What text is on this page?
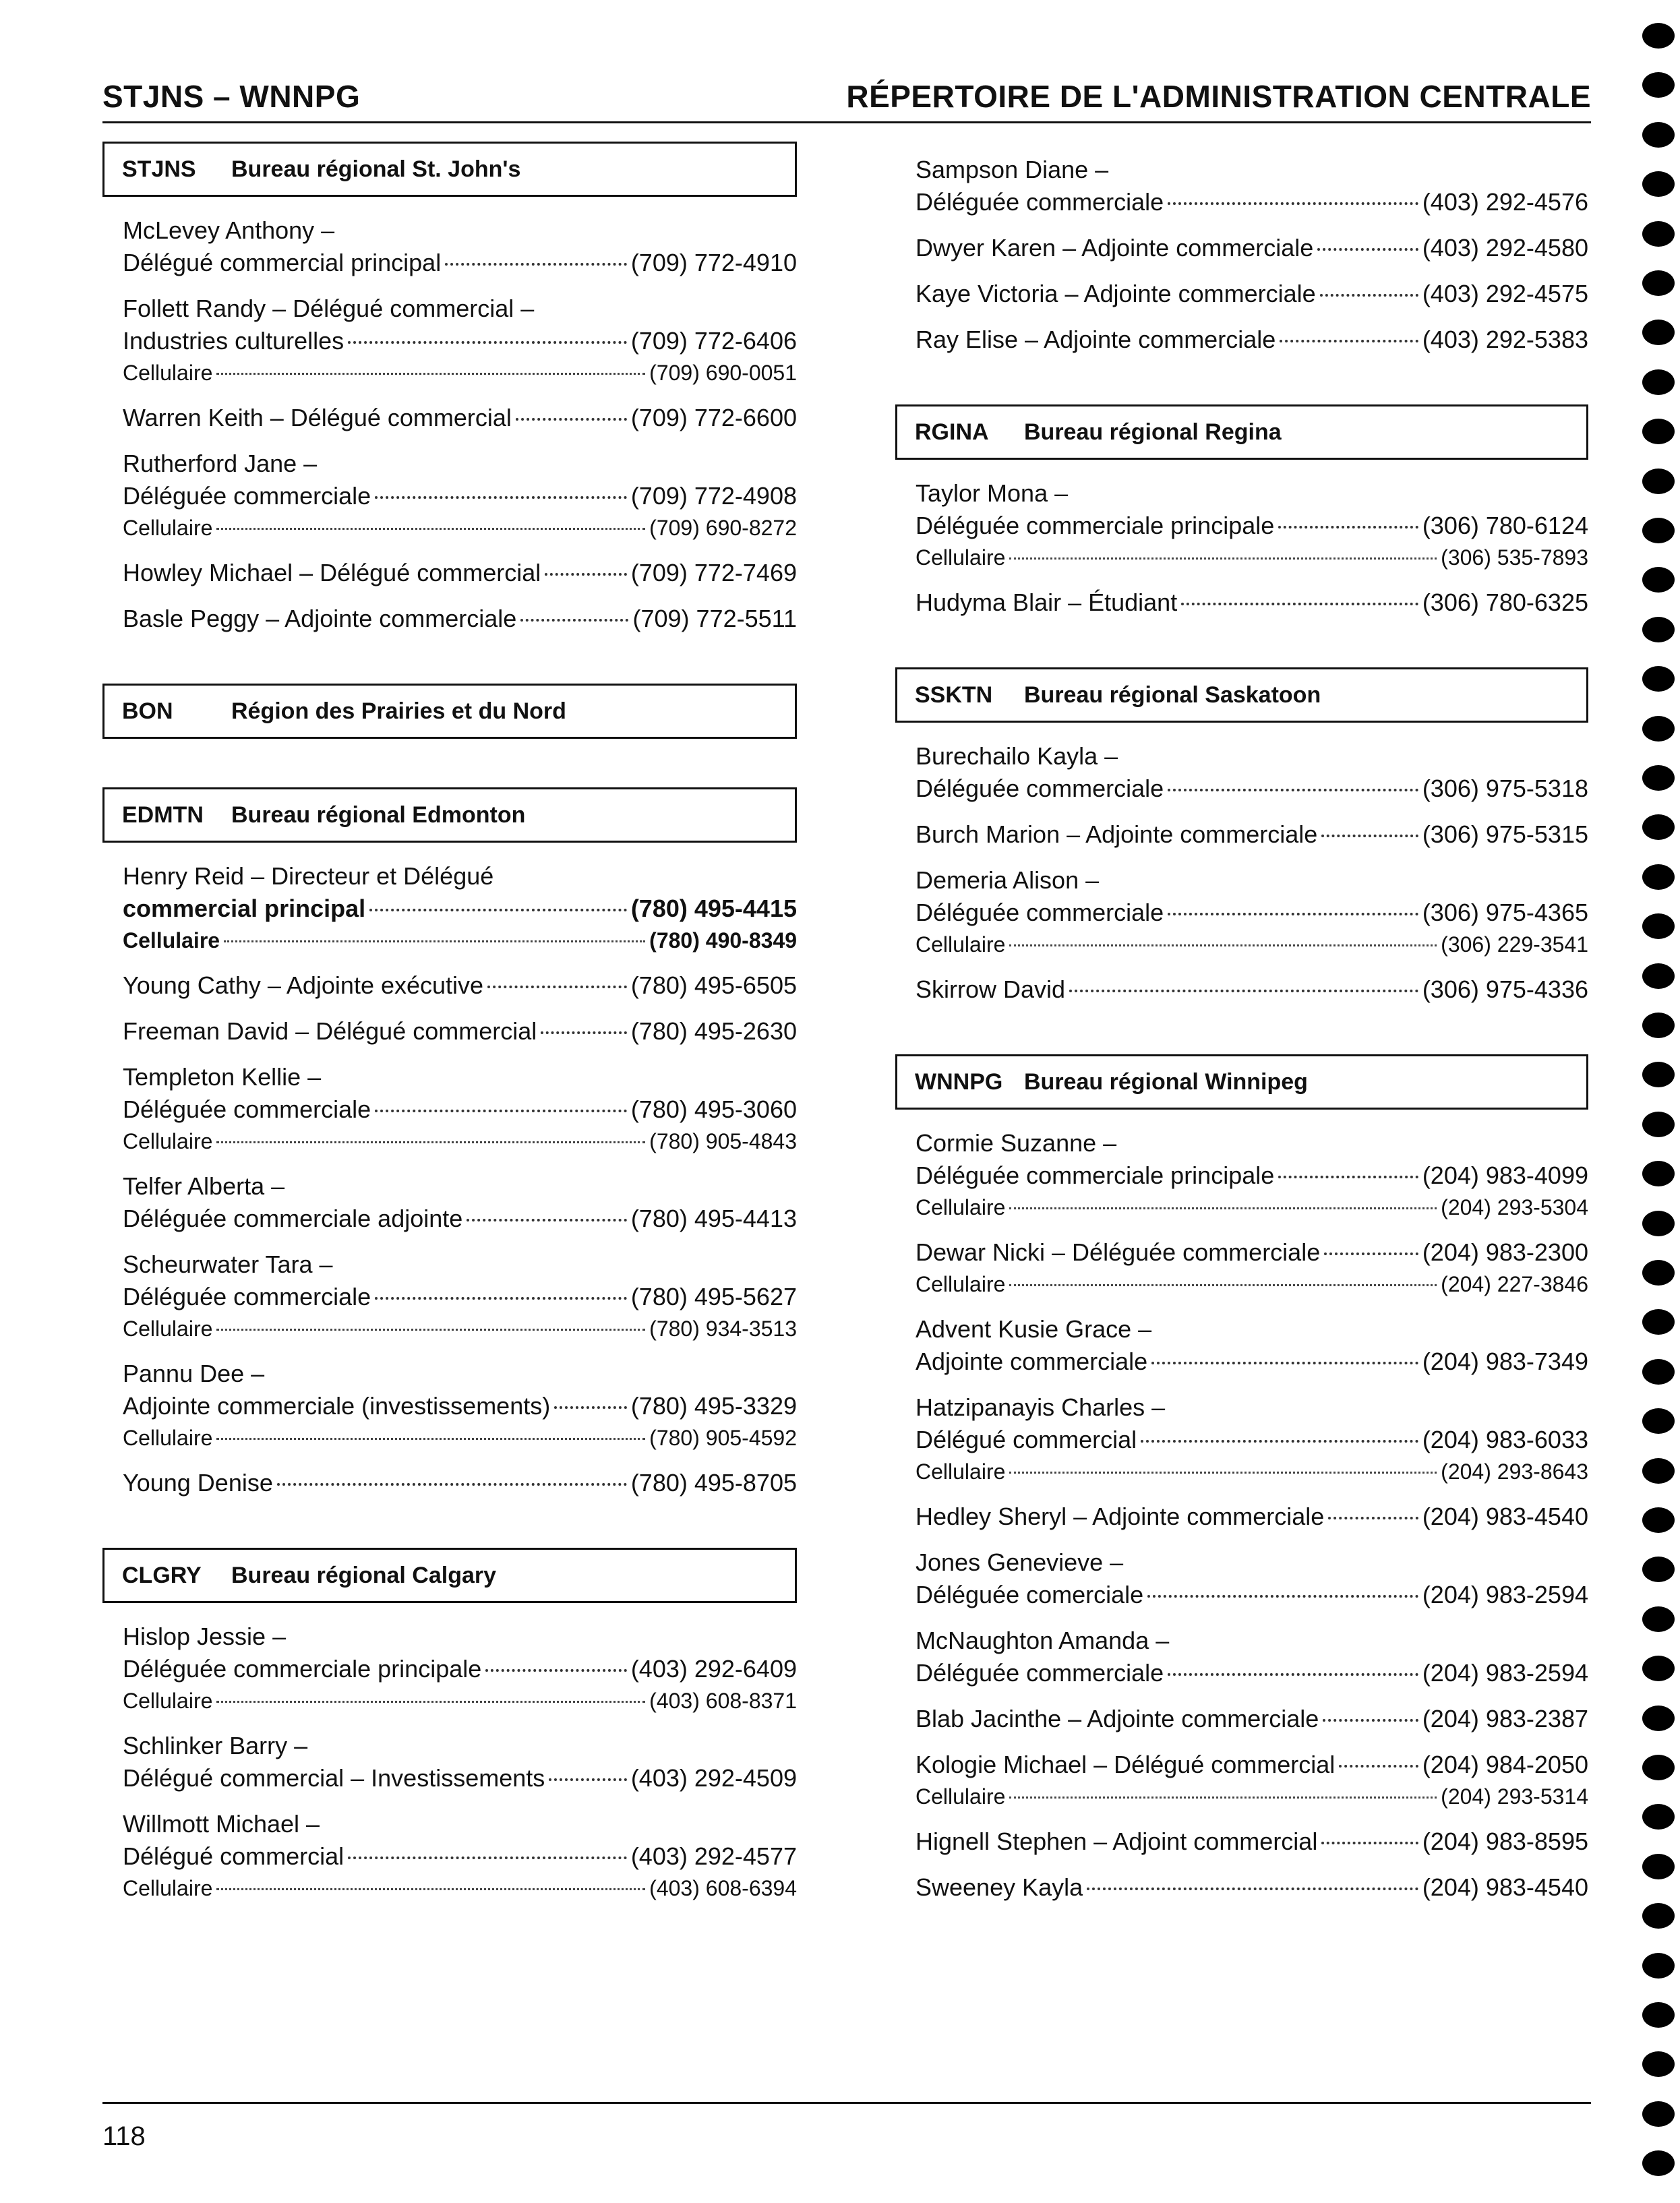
STJNS – WNNPG	RÉPERTOIRE DE L'ADMINISTRATION CENTRALE
STJNS	Bureau régional St. John's
McLevey Anthony –
Délégué commercial principal	(709) 772-4910
Follett Randy – Délégué commercial –
Industries culturelles	(709) 772-6406
Cellulaire	(709) 690-0051
Warren Keith – Délégué commercial	(709) 772-6600
Rutherford Jane –
Déléguée commerciale	(709) 772-4908
Cellulaire	(709) 690-8272
Howley Michael – Délégué commercial	(709) 772-7469
Basle Peggy – Adjointe commerciale	(709) 772-5511
BON	Région des Prairies et du Nord
EDMTN	Bureau régional Edmonton
Henry Reid – Directeur et Délégué
commercial principal	(780) 495-4415
Cellulaire	(780) 490-8349
Young Cathy – Adjointe exécutive	(780) 495-6505
Freeman David – Délégué commercial	(780) 495-2630
Templeton Kellie –
Déléguée commerciale	(780) 495-3060
Cellulaire	(780) 905-4843
Telfer Alberta –
Déléguée commerciale adjointe	(780) 495-4413
Scheurwater Tara –
Déléguée commerciale	(780) 495-5627
Cellulaire	(780) 934-3513
Pannu Dee –
Adjointe commerciale (investissements)	(780) 495-3329
Cellulaire	(780) 905-4592
Young Denise	(780) 495-8705
CLGRY	Bureau régional Calgary
Hislop Jessie –
Déléguée commerciale principale	(403) 292-6409
Cellulaire	(403) 608-8371
Schlinker Barry –
Délégué commercial – Investissements	(403) 292-4509
Willmott Michael –
Délégué commercial	(403) 292-4577
Cellulaire	(403) 608-6394
Sampson Diane –
Déléguée commerciale	(403) 292-4576
Dwyer Karen – Adjointe commerciale	(403) 292-4580
Kaye Victoria – Adjointe commerciale	(403) 292-4575
Ray Elise – Adjointe commerciale	(403) 292-5383
RGINA	Bureau régional Regina
Taylor Mona –
Déléguée commerciale principale	(306) 780-6124
Cellulaire	(306) 535-7893
Hudyma Blair – Étudiant	(306) 780-6325
SSKTN	Bureau régional Saskatoon
Burechailo Kayla –
Déléguée commerciale	(306) 975-5318
Burch Marion – Adjointe commerciale	(306) 975-5315
Demeria Alison –
Déléguée commerciale	(306) 975-4365
Cellulaire	(306) 229-3541
Skirrow David	(306) 975-4336
WNNPG Bureau régional Winnipeg
Cormie Suzanne –
Déléguée commerciale principale	(204) 983-4099
Cellulaire	(204) 293-5304
Dewar Nicki – Déléguée commerciale	(204) 983-2300
Cellulaire	(204) 227-3846
Advent Kusie Grace –
Adjointe commerciale	(204) 983-7349
Hatzipanayis Charles –
Délégué commercial	(204) 983-6033
Cellulaire	(204) 293-8643
Hedley Sheryl – Adjointe commerciale	(204) 983-4540
Jones Genevieve –
Déléguée comerciale	(204) 983-2594
McNaughton Amanda –
Déléguée commerciale	(204) 983-2594
Blab Jacinthe – Adjointe commerciale	(204) 983-2387
Kologie Michael – Délégué commercial	(204) 984-2050
Cellulaire	(204) 293-5314
Hignell Stephen – Adjoint commercial	(204) 983-8595
Sweeney Kayla	(204) 983-4540
118
